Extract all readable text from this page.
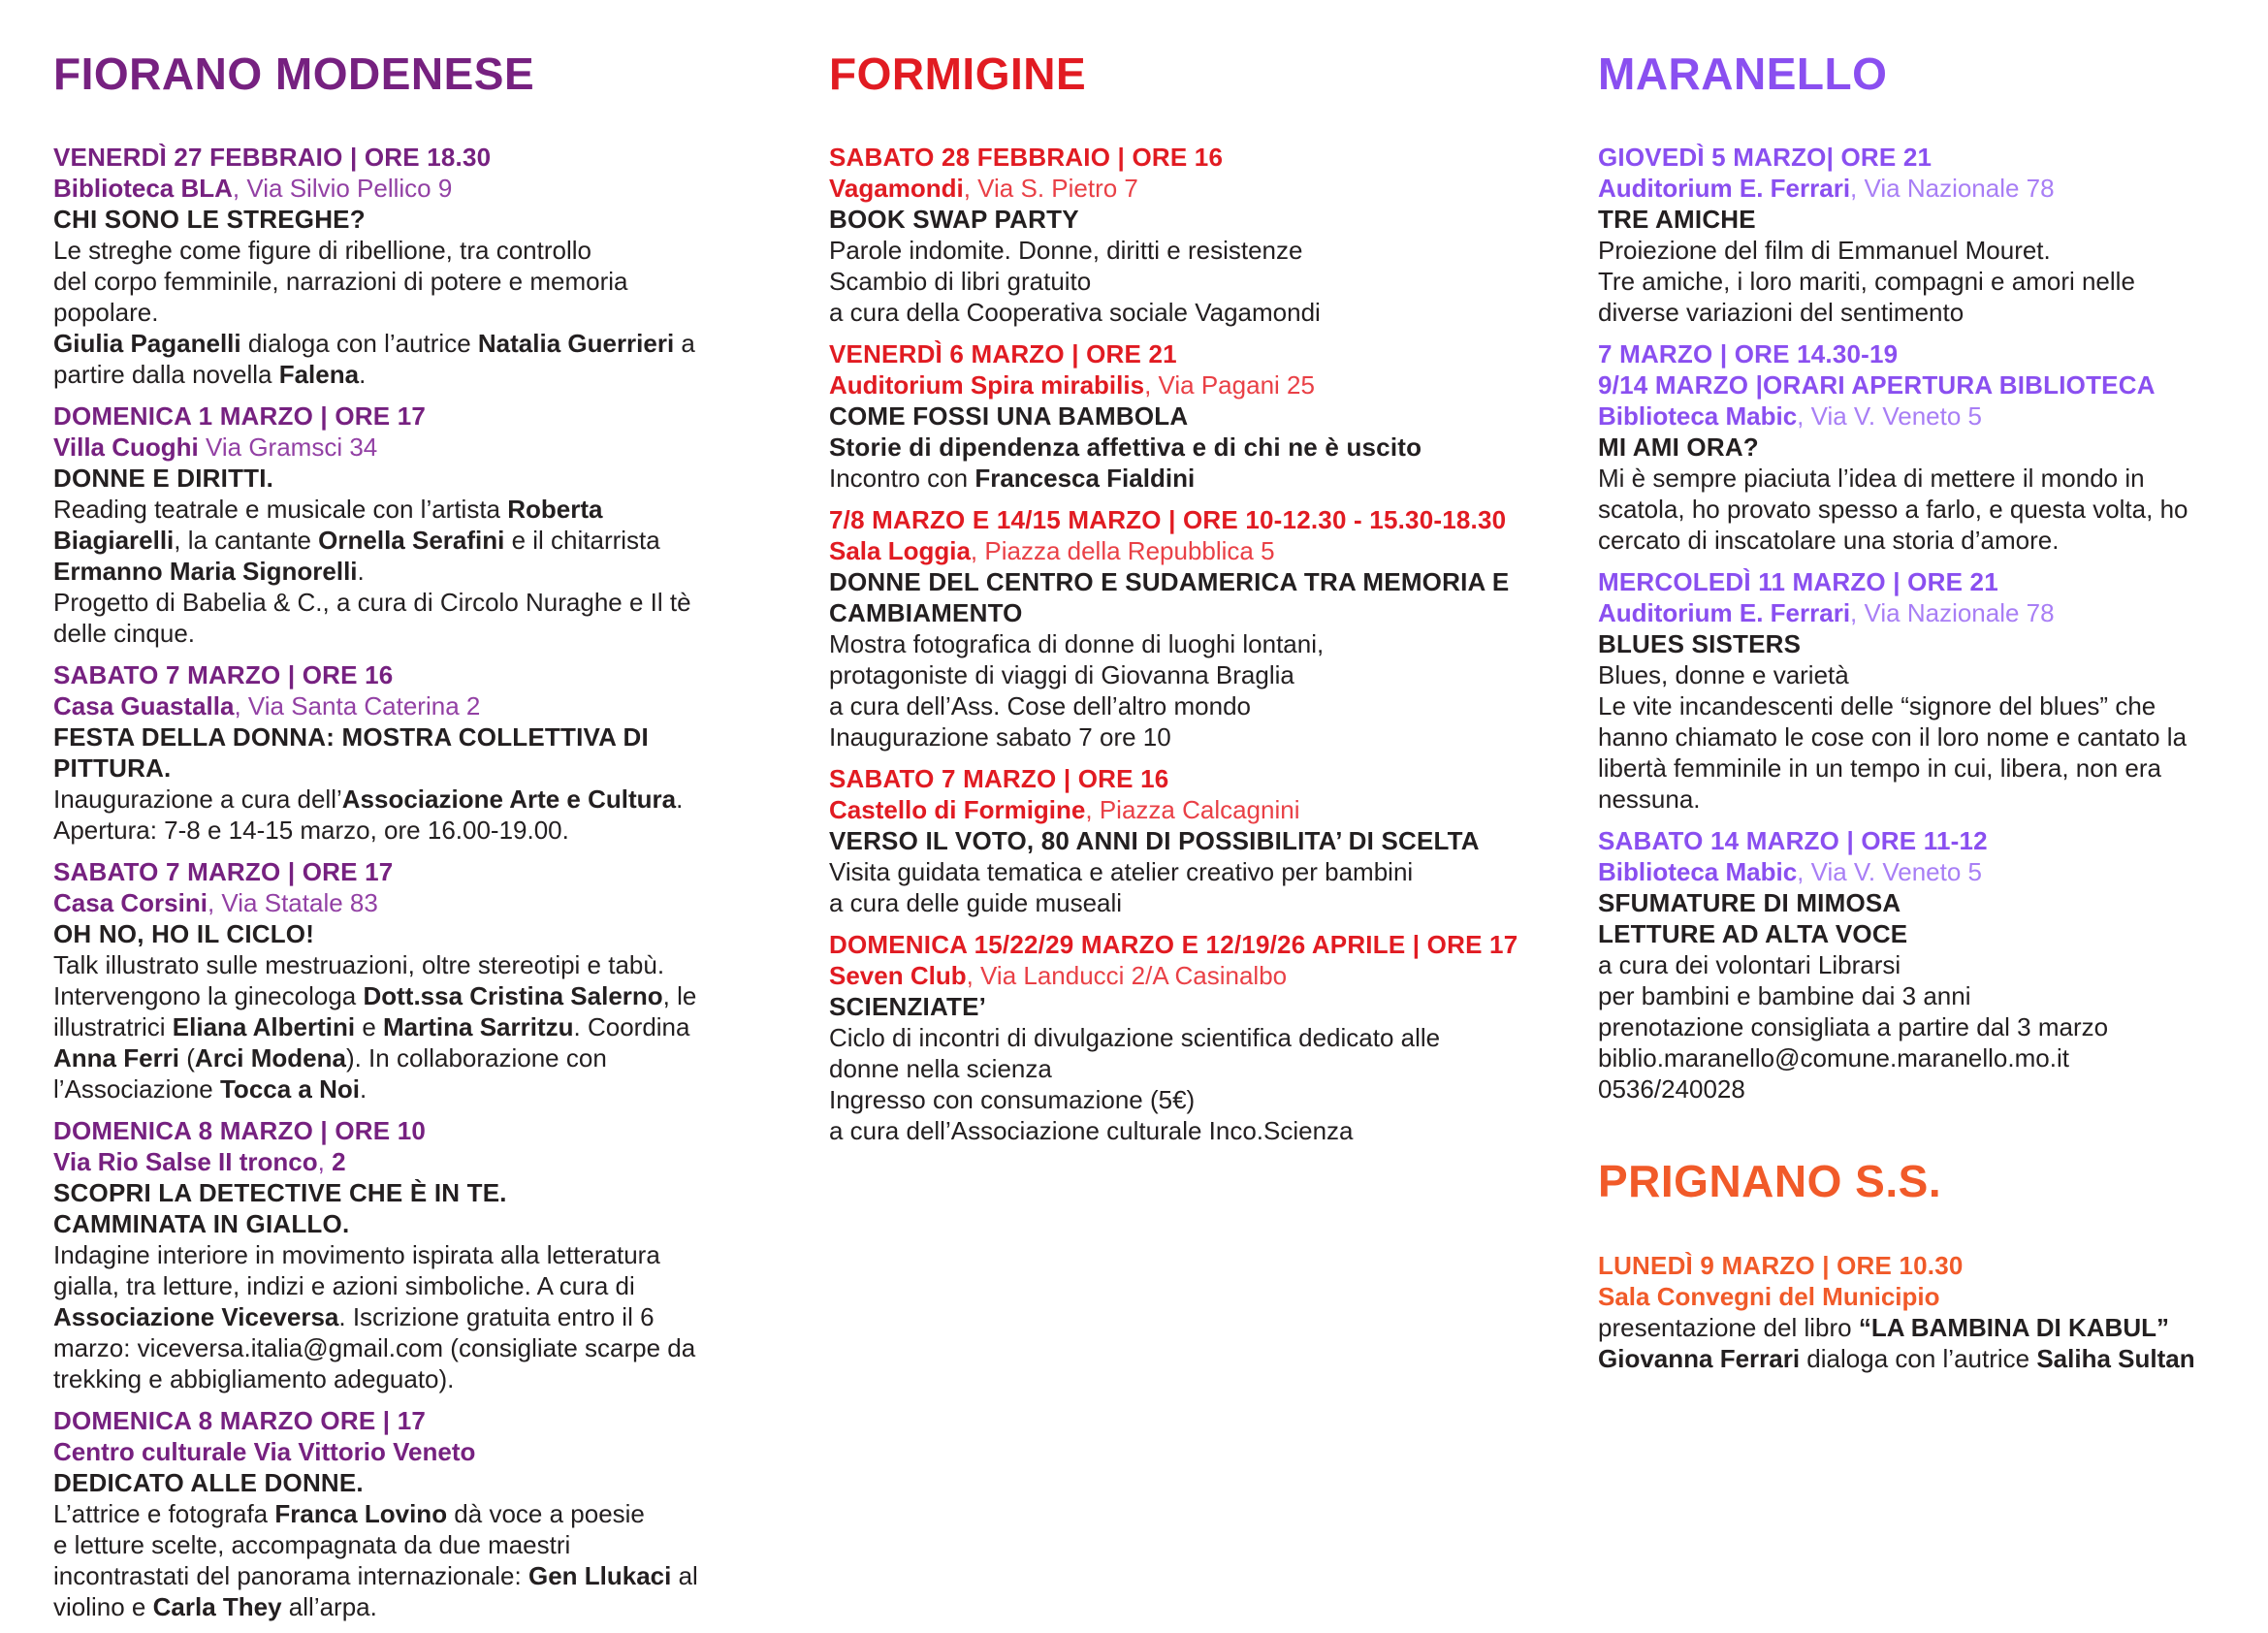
FIORANO MODENESE
VENERDÌ 27 FEBBRAIO | ORE 18.30
Biblioteca BLA, Via Silvio Pellico 9
CHI SONO LE STREGHE?
Le streghe come figure di ribellione, tra controllo
del corpo femminile, narrazioni di potere e memoria
popolare.
Giulia Paganelli dialoga con l’autrice Natalia Guerrieri a
partire dalla novella Falena.
DOMENICA 1 MARZO | ORE 17
Villa Cuoghi Via Gramsci 34
DONNE E DIRITTI.
Reading teatrale e musicale con l’artista Roberta
Biagiarelli, la cantante Ornella Serafini e il chitarrista
Ermanno Maria Signorelli.
Progetto di Babelia & C., a cura di Circolo Nuraghe e Il tè
delle cinque.
SABATO 7 MARZO | ORE 16
Casa Guastalla, Via Santa Caterina 2
FESTA DELLA DONNA: MOSTRA COLLETTIVA DI
PITTURA.
Inaugurazione a cura dell’Associazione Arte e Cultura.
Apertura: 7-8 e 14-15 marzo, ore 16.00-19.00.
SABATO 7 MARZO | ORE 17
Casa Corsini, Via Statale 83
OH NO, HO IL CICLO!
Talk illustrato sulle mestruazioni, oltre stereotipi e tabù.
Intervengono la ginecologa Dott.ssa Cristina Salerno, le
illustratrici Eliana Albertini e Martina Sarritzu. Coordina
Anna Ferri (Arci Modena). In collaborazione con
l’Associazione Tocca a Noi.
DOMENICA 8 MARZO | ORE 10
Via Rio Salse II tronco, 2
SCOPRI LA DETECTIVE CHE È IN TE.
CAMMINATA IN GIALLO.
Indagine interiore in movimento ispirata alla letteratura
gialla, tra letture, indizi e azioni simboliche. A cura di
Associazione Viceversa. Iscrizione gratuita entro il 6
marzo: viceversa.italia@gmail.com (consigliate scarpe da
trekking e abbigliamento adeguato).
DOMENICA 8 MARZO ORE | 17
Centro culturale Via Vittorio Veneto
DEDICATO ALLE DONNE.
L’attrice e fotografa Franca Lovino dà voce a poesie
e letture scelte, accompagnata da due maestri
incontrastati del panorama internazionale: Gen Llukaci al
violino e Carla They all’arpa.
FORMIGINE
SABATO 28 FEBBRAIO | ORE 16
Vagamondi, Via S. Pietro 7
BOOK SWAP PARTY
Parole indomite. Donne, diritti e resistenze
Scambio di libri gratuito
a cura della Cooperativa sociale Vagamondi
VENERDÌ 6 MARZO | ORE 21
Auditorium Spira mirabilis, Via Pagani 25
COME FOSSI UNA BAMBOLA
Storie di dipendenza affettiva e di chi ne è uscito
Incontro con Francesca Fialdini
7/8 MARZO E 14/15 MARZO | ORE 10-12.30 - 15.30-18.30
Sala Loggia, Piazza della Repubblica 5
DONNE DEL CENTRO E SUDAMERICA TRA MEMORIA E
CAMBIAMENTO
Mostra fotografica di donne di luoghi lontani,
protagoniste di viaggi di Giovanna Braglia
a cura dell’Ass. Cose dell’altro mondo
Inaugurazione sabato 7 ore 10
SABATO 7 MARZO | ORE 16
Castello di Formigine, Piazza Calcagnini
VERSO IL VOTO, 80 ANNI DI POSSIBILITA’ DI SCELTA
Visita guidata tematica e atelier creativo per bambini
a cura delle guide museali
DOMENICA 15/22/29 MARZO E 12/19/26 APRILE | ORE 17
Seven Club, Via Landucci 2/A Casinalbo
SCIENZIATE’
Ciclo di incontri di divulgazione scientifica dedicato alle
donne nella scienza
Ingresso con consumazione (5€)
a cura dell’Associazione culturale Inco.Scienza
MARANELLO
GIOVEDÌ 5 MARZO| ORE 21
Auditorium E. Ferrari, Via Nazionale 78
TRE AMICHE
Proiezione del film di Emmanuel Mouret.
Tre amiche, i loro mariti, compagni e amori nelle
diverse variazioni del sentimento
7 MARZO | ORE 14.30-19
9/14 MARZO |ORARI APERTURA BIBLIOTECA
Biblioteca Mabic, Via V. Veneto 5
MI AMI ORA?
Mi è sempre piaciuta l’idea di mettere il mondo in
scatola, ho provato spesso a farlo, e questa volta, ho
cercato di inscatolare una storia d’amore.
MERCOLEDÌ 11 MARZO | ORE 21
Auditorium E. Ferrari, Via Nazionale 78
BLUES SISTERS
Blues, donne e varietà
Le vite incandescenti delle “signore del blues” che
hanno chiamato le cose con il loro nome e cantato la
libertà femminile in un tempo in cui, libera, non era
nessuna.
SABATO 14 MARZO | ORE 11-12
Biblioteca Mabic, Via V. Veneto 5
SFUMATURE DI MIMOSA
LETTURE AD ALTA VOCE
a cura dei volontari Librarsi
per bambini e bambine dai 3 anni
prenotazione consigliata a partire dal 3 marzo
biblio.maranello@comune.maranello.mo.it
0536/240028
PRIGNANO S.S.
LUNEDÌ 9 MARZO | ORE 10.30
Sala Convegni del Municipio
presentazione del libro “LA BAMBINA DI KABUL”
Giovanna Ferrari dialoga con l’autrice Saliha Sultan
